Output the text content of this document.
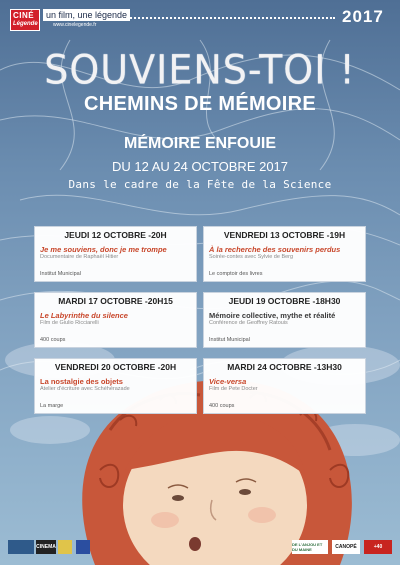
CINÉ
Légende
un film, une légende
www.cinelegende.fr	2017
SOUVIENS-TOI !
CHEMINS DE MÉMOIRE
MÉMOIRE ENFOUIE
DU 12 AU 24 OCTOBRE 2017
Dans le cadre de la Fête de la Science
JEUDI 12 OCTOBRE -20H
Je me souviens, donc je me trompe
Documentaire de Raphaël Hitier
Institut Municipal
VENDREDI 13 OCTOBRE -19H
À la recherche des souvenirs perdus
Soirée-contes avec Sylvie de Berg
Le comptoir des livres
MARDI 17 OCTOBRE -20H15
Le Labyrinthe du silence
Film de Giulio Ricciarelli
400 coups
JEUDI 19 OCTOBRE -18H30
Mémoire collective, mythe et réalité
Conférence de Geoffrey Ratouis
Institut Municipal
VENDREDI 20 OCTOBRE -20H
La nostalgie des objets
Atelier d'écriture avec Schéhérazade
La marge
MARDI 24 OCTOBRE -13H30
Vice-versa
Film de Pete Docter
400 coups
CINEMA	DE L'ANJOU ET DU MAINE	CANOPÉ	+40
